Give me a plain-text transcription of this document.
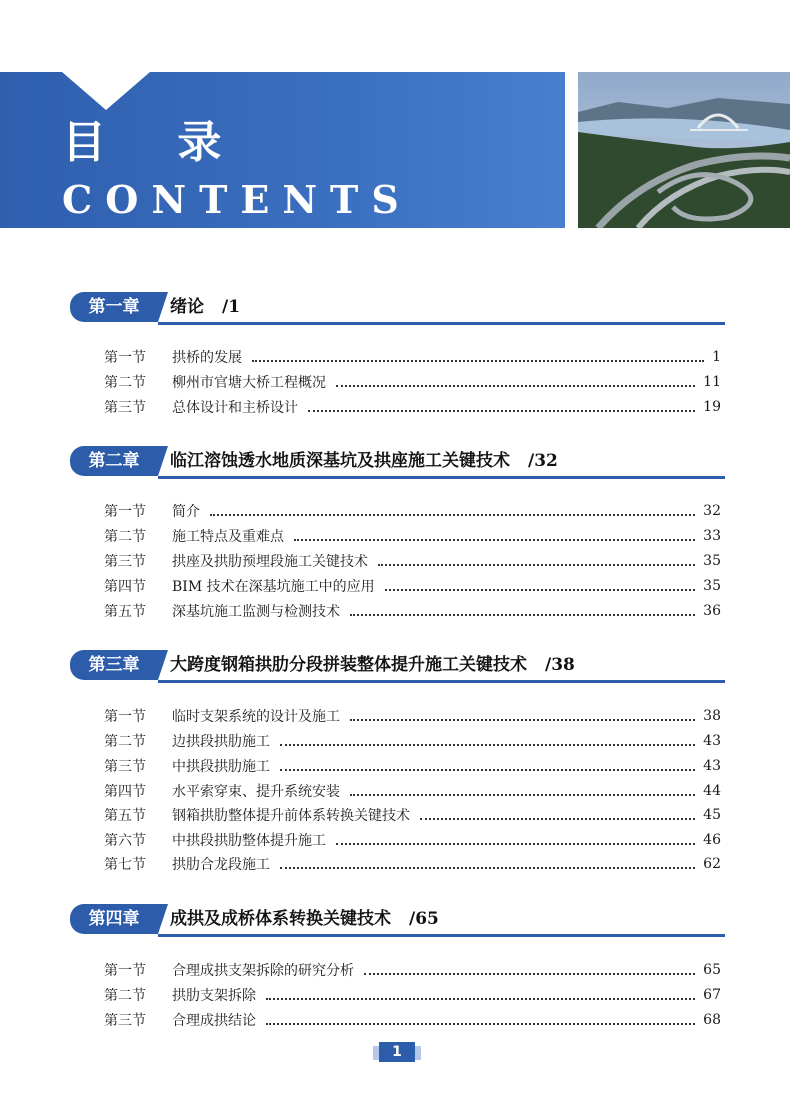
目 录
CONTENTS
第一章	绪论 /1
第一节	拱桥的发展	1
第二节	柳州市官塘大桥工程概况	11
第三节	总体设计和主桥设计	19
第二章	临江溶蚀透水地质深基坑及拱座施工关键技术 /32
第一节	简介	32
第二节	施工特点及重难点	33
第三节	拱座及拱肋预埋段施工关键技术	35
第四节	BIM 技术在深基坑施工中的应用	35
第五节	深基坑施工监测与检测技术	36
第三章	大跨度钢箱拱肋分段拼装整体提升施工关键技术 /38
第一节	临时支架系统的设计及施工	38
第二节	边拱段拱肋施工	43
第三节	中拱段拱肋施工	43
第四节	水平索穿束、提升系统安装	44
第五节	钢箱拱肋整体提升前体系转换关键技术	45
第六节	中拱段拱肋整体提升施工	46
第七节	拱肋合龙段施工	62
第四章	成拱及成桥体系转换关键技术 /65
第一节	合理成拱支架拆除的研究分析	65
第二节	拱肋支架拆除	67
第三节	合理成拱结论	68
1
